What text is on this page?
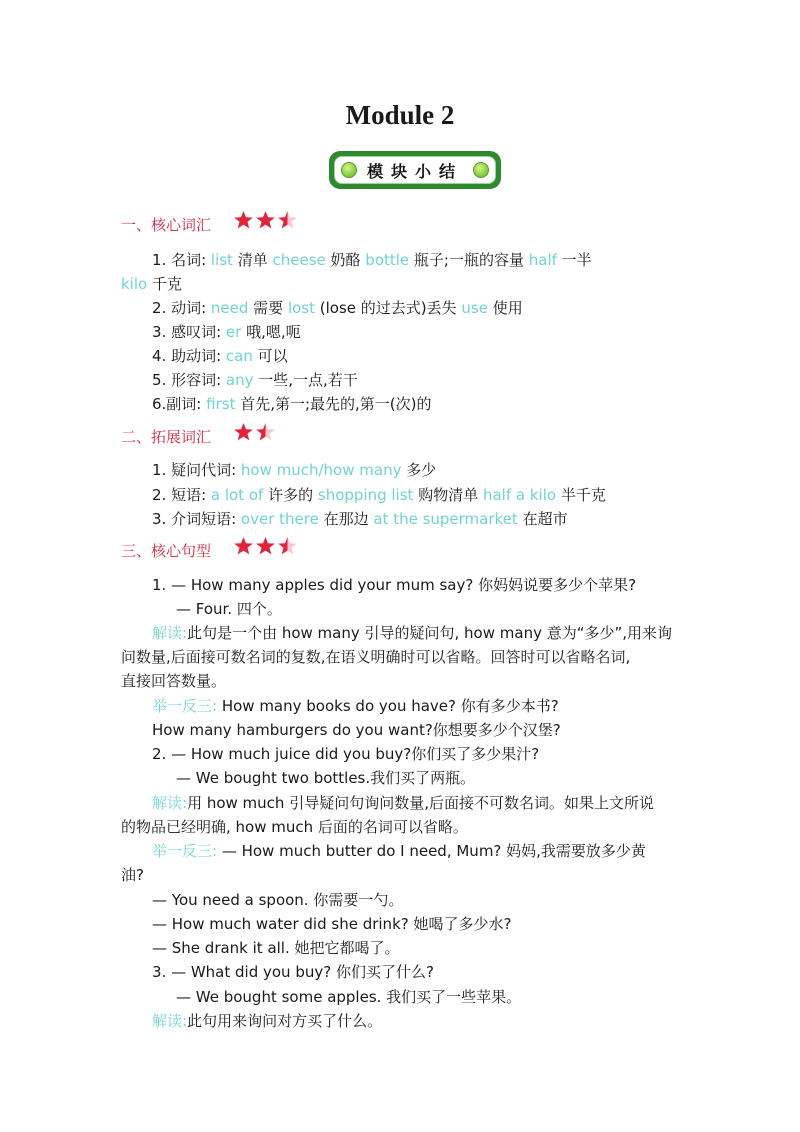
Module 2
模块小结
一、核心词汇
1. 名词: list 清单 cheese 奶酪 bottle 瓶子;一瓶的容量 half 一半
kilo 千克
2. 动词: need 需要 lost (lose 的过去式)丢失 use 使用
3. 感叹词: er 哦,嗯,呃
4. 助动词: can 可以
5. 形容词: any 一些,一点,若干
6.副词: first 首先,第一;最先的,第一(次)的
二、拓展词汇
1. 疑问代词: how much/how many 多少
2. 短语: a lot of 许多的 shopping list 购物清单 half a kilo 半千克
3. 介词短语: over there 在那边 at the supermarket 在超市
三、核心句型
1. — How many apples did your mum say? 你妈妈说要多少个苹果?
— Four. 四个。
解读:此句是一个由 how many 引导的疑问句, how many 意为“多少”,用来询
问数量,后面接可数名词的复数,在语义明确时可以省略。回答时可以省略名词,
直接回答数量。
举一反三: How many books do you have? 你有多少本书?
How many hamburgers do you want?你想要多少个汉堡?
2. — How much juice did you buy?你们买了多少果汁?
— We bought two bottles.我们买了两瓶。
解读:用 how much 引导疑问句询问数量,后面接不可数名词。如果上文所说
的物品已经明确, how much 后面的名词可以省略。
举一反三: — How much butter do I need, Mum? 妈妈,我需要放多少黄
油?
— You need a spoon. 你需要一勺。
— How much water did she drink? 她喝了多少水?
— She drank it all. 她把它都喝了。
3. — What did you buy? 你们买了什么?
— We bought some apples. 我们买了一些苹果。
解读:此句用来询问对方买了什么。
